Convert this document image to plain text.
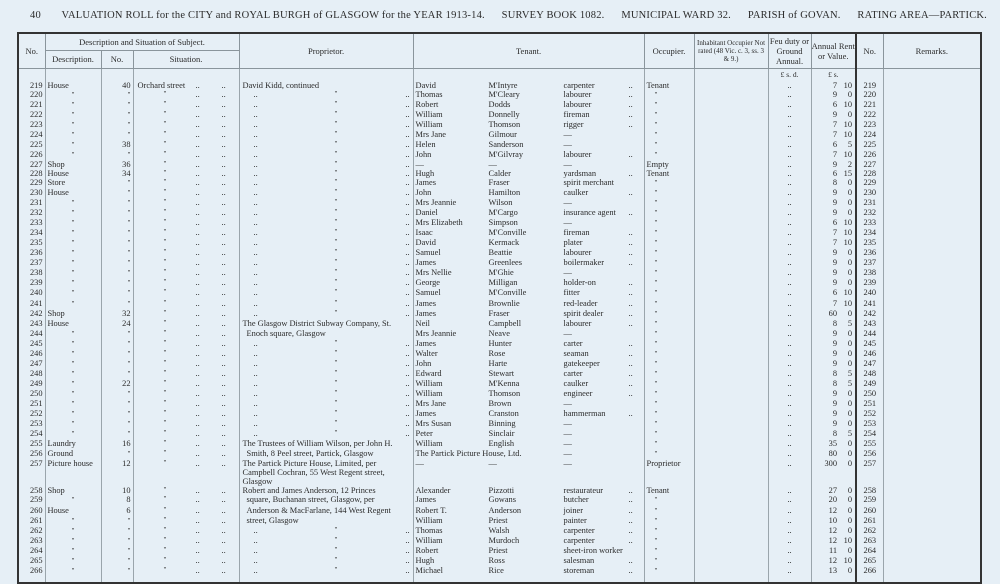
40 VALUATION ROLL for the CITY and ROYAL BURGH of GLASGOW for the YEAR 1913-14. SURVEY BOOK 1082. MUNICIPAL WARD 32. PARISH of GOVAN. RATING AREA—PARTICK.
No.	Description and Situation of Subject.			Proprietor.	Tenant.	Occupier.	Inhabitant Occupier Not rated (48 Vic. c. 3, ss. 3 & 9.)	Feu duty or Ground Annual.	Annual Rent or Value.	No.	Remarks.
	Description.	No.	Situation.								
								£ s. d.	£ s.		
219	House	40	Orchard street .. ..	David Kidd, continued	David M'Intyre carpenter ..	Tenant		..	7 10	219	
220	"	"	" .. ..	.. " ..	Thomas M'Cleary labourer ..	"		..	9 0	220	
221	"	"	" .. ..	.. " ..	Robert Dodds labourer ..	"		..	6 10	221	
222	"	"	" .. ..	.. " ..	William Donnelly fireman ..	"		..	9 0	222	
223	"	"	" .. ..	.. " ..	William Thomson rigger ..	"		..	7 10	223	
224	"	"	" .. ..	.. " ..	Mrs Jane Gilmour —	"		..	7 10	224	
225	"	38	" .. ..	.. " ..	Helen Sanderson —	"		..	6 5	225	
226	"	"	" .. ..	.. " ..	John M'Gilvray labourer ..	"		..	7 10	226	
227	Shop	36	" .. ..	.. " ..	— — —	Empty		..	9 2	227	
228	House	34	" .. ..	.. " ..	Hugh Calder yardsman ..	Tenant		..	6 15	228	
229	Store	"	" .. ..	.. " ..	James Fraser spirit merchant	"		..	8 0	229	
230	House	"	" .. ..	.. " ..	John Hamilton caulker ..	"		..	9 0	230	
231	"	"	" .. ..	.. " ..	Mrs Jeannie Wilson —	"		..	9 0	231	
232	"	"	" .. ..	.. " ..	Daniel M'Cargo insurance agent ..	"		..	9 0	232	
233	"	"	" .. ..	.. " ..	Mrs Elizabeth Simpson —	"		..	6 10	233	
234	"	"	" .. ..	.. " ..	Isaac M'Conville fireman ..	"		..	7 10	234	
235	"	"	" .. ..	.. " ..	David Kermack plater ..	"		..	7 10	235	
236	"	"	" .. ..	.. " ..	Samuel Beattie labourer ..	"		..	9 0	236	
237	"	"	" .. ..	.. " ..	James Greenlees boilermaker ..	"		..	9 0	237	
238	"	"	" .. ..	.. " ..	Mrs Nellie M'Ghie —	"		..	9 0	238	
239	"	"	" .. ..	.. " ..	George Milligan holder-on ..	"		..	9 0	239	
240	"	"	" .. ..	.. " ..	Samuel M'Conville fitter ..	"		..	6 10	240	
241	"	"	" .. ..	.. " ..	James Brownlie red-leader ..	"		..	7 10	241	
242	Shop	32	" .. ..	.. " ..	James Fraser spirit dealer ..	"		..	60 0	242	
243	House	24	" .. ..	The Glasgow District Subway Company, St.	Neil Campbell labourer ..	"		..	8 5	243	
244	"	"	" .. ..	Enoch square, Glasgow	Mrs Jeannie Neave —	"		..	9 0	244	
245	"	"	" .. ..	.. " ..	James Hunter carter ..	"		..	9 0	245	
246	"	"	" .. ..	.. " ..	Walter Rose seaman ..	"		..	9 0	246	
247	"	"	" .. ..	.. " ..	John Harte gatekeeper ..	"		..	9 0	247	
248	"	"	" .. ..	.. " ..	Edward Stewart carter ..	"		..	8 5	248	
249	"	22	" .. ..	.. " ..	William M'Kenna caulker ..	"		..	8 5	249	
250	"	"	" .. ..	.. " ..	William Thomson engineer ..	"		..	9 0	250	
251	"	"	" .. ..	.. " ..	Mrs Jane Brown —	"		..	9 0	251	
252	"	"	" .. ..	.. " ..	James Cranston hammerman ..	"		..	9 0	252	
253	"	"	" .. ..	.. " ..	Mrs Susan Binning —	"		..	9 0	253	
254	"	"	" .. ..	.. " ..	Peter Sinclair —	"		..	8 5	254	
255	Laundry	16	" .. ..	The Trustees of William Wilson, per John H.	William English —	"		..	35 0	255	
256	Ground	"	" .. ..	Smith, 8 Peel street, Partick, Glasgow	The Partick Picture House, Ltd. —	"		..	80 0	256	
257	Picture house	12	" .. ..	The Partick Picture House, Limited, per
Campbell Cochran, 55 West Regent street,
Glasgow	— — —	Proprietor		..	300 0	257	
258	Shop	10	" .. ..	Robert and James Anderson, 12 Princes	Alexander Pizzotti restaurateur ..	Tenant		..	27 0	258	
259	"	8	" .. ..	square, Buchanan street, Glasgow, per	James Gowans butcher ..	"		..	20 0	259	
260	House	6	" .. ..	Anderson & MacFarlane, 144 West Regent	Robert T. Anderson joiner ..	"		..	12 0	260	
261	"	"	" .. ..	street, Glasgow	William Priest painter ..	"		..	10 0	261	
262	"	"	" .. ..	.. " ..	Thomas Walsh carpenter ..	"		..	12 0	262	
263	"	"	" .. ..	.. " ..	William Murdoch carpenter ..	"		..	12 10	263	
264	"	"	" .. ..	.. " ..	Robert Priest sheet-iron worker	"		..	11 0	264	
265	"	"	" .. ..	.. " ..	Hugh Ross salesman ..	"		..	12 10	265	
266	"	"	" .. ..	.. " ..	Michael Rice storeman ..	"		..	13 0	266	
